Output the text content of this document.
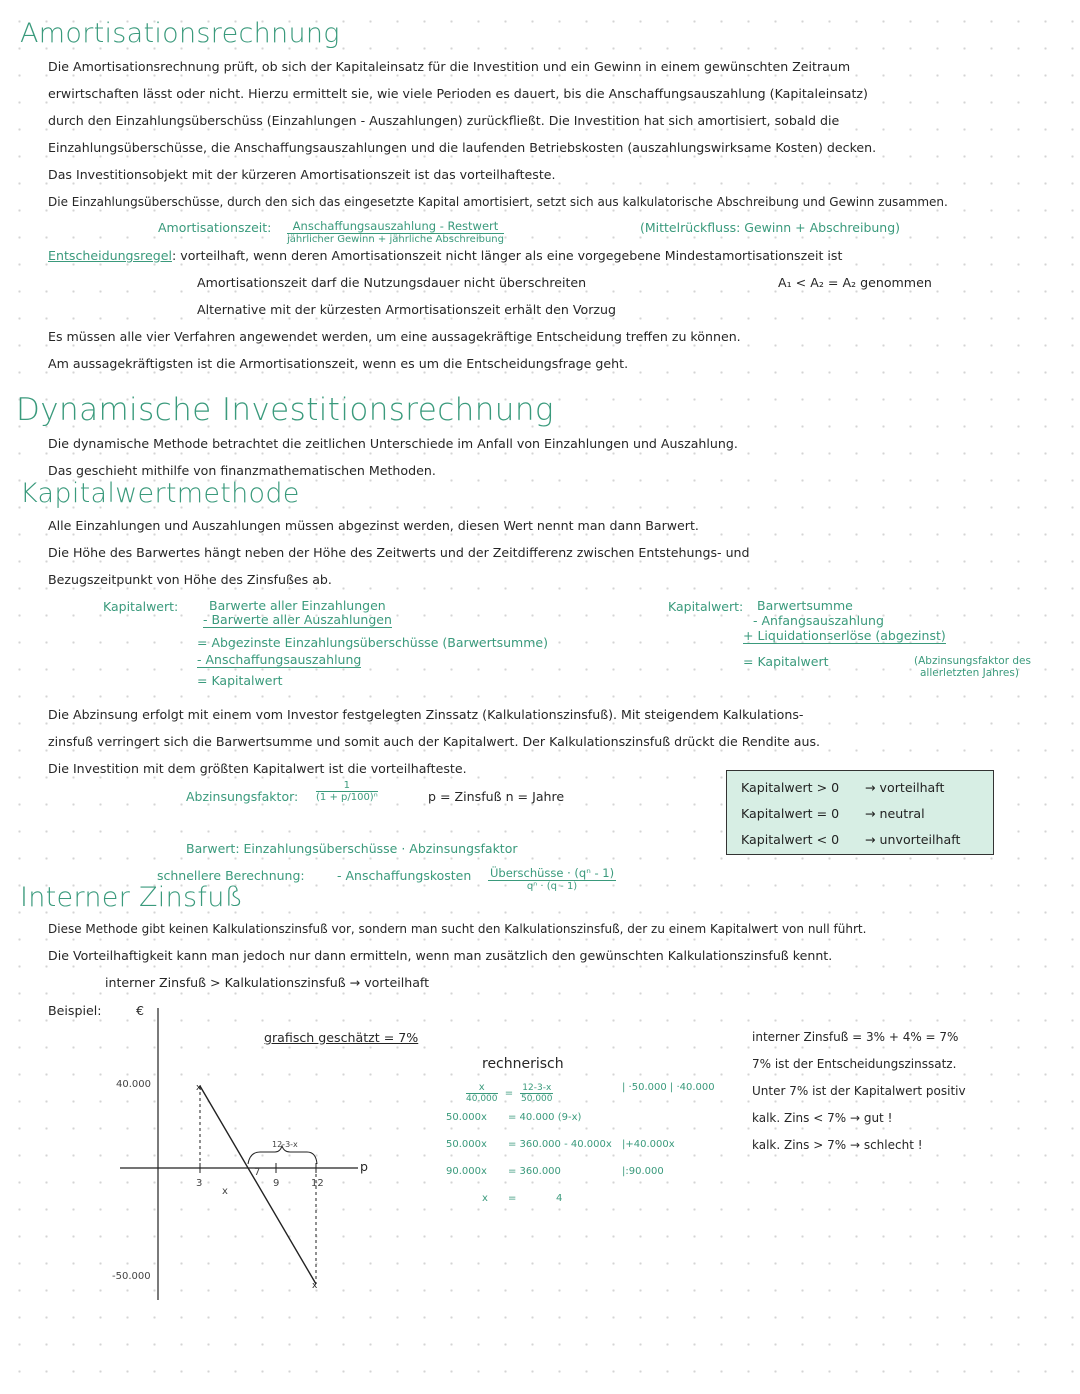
Amortisationsrechnung
Die Amortisationsrechnung prüft, ob sich der Kapitaleinsatz für die Investition und ein Gewinn in einem gewünschten Zeitraum
erwirtschaften lässt oder nicht. Hierzu ermittelt sie, wie viele Perioden es dauert, bis die Anschaffungsauszahlung (Kapitaleinsatz)
durch den Einzahlungsüberschüss (Einzahlungen - Auszahlungen) zurückfließt. Die Investition hat sich amortisiert, sobald die
Einzahlungsüberschüsse, die Anschaffungsauszahlungen und die laufenden Betriebskosten (auszahlungswirksame Kosten) decken.
Das Investitionsobjekt mit der kürzeren Amortisationszeit ist das vorteilhafteste.
Die Einzahlungsüberschüsse, durch den sich das eingesetzte Kapital amortisiert, setzt sich aus kalkulatorische Abschreibung und Gewinn zusammen.
Amortisationszeit: $\frac{\text{Anschaffungsauszahlung - Restwert}}{\text{jährlicher Gewinn + jährliche Abschreibung}}$	(Mittelrückfluss: Gewinn + Abschreibung)
Entscheidungsregel: vorteilhaft, wenn deren Amortisationszeit nicht länger als eine vorgegebene Mindestamortisationszeit ist
Amortisationszeit darf die Nutzungsdauer nicht überschreiten	A₁ < A₂ = A₂ genommen
Alternative mit der kürzesten Armortisationszeit erhält den Vorzug
Es müssen alle vier Verfahren angewendet werden, um eine aussagekräftige Entscheidung treffen zu können.
Am aussagekräftigsten ist die Armortisationszeit, wenn es um die Entscheidungsfrage geht.
Dynamische Investitionsrechnung
Die dynamische Methode betrachtet die zeitlichen Unterschiede im Anfall von Einzahlungen und Auszahlung.
Das geschieht mithilfe von finanzmathematischen Methoden.
Kapitalwertmethode
Alle Einzahlungen und Auszahlungen müssen abgezinst werden, diesen Wert nennt man dann Barwert.
Die Höhe des Barwertes hängt neben der Höhe des Zeitwerts und der Zeitdifferenz zwischen Entstehungs- und
Bezugszeitpunkt von Höhe des Zinsfußes ab.
Kapitalwert: Barwerte aller Einzahlungen
- Barwerte aller Auszahlungen
= Abgezinste Einzahlungsüberschüsse (Barwertsumme)
- Anschaffungsauszahlung
= Kapitalwert
Kapitalwert: Barwertsumme
- Anfangsauszahlung
+ Liquidationserlöse (abgezinst)
= Kapitalwert	(Abzinsungsfaktor des
allerletzten Jahres)
Die Abzinsung erfolgt mit einem vom Investor festgelegten Zinssatz (Kalkulationszinsfuß). Mit steigendem Kalkulations-
zinsfuß verringert sich die Barwertsumme und somit auch der Kapitalwert. Der Kalkulationszinsfuß drückt die Rendite aus.
Die Investition mit dem größten Kapitalwert ist die vorteilhafteste.
Abzinsungsfaktor: $\frac{1}{\text{(1 + p/100)ⁿ}}$	p = Zinsfuß n = Jahre
Kapitalwert > 0 → vorteilhaft
Kapitalwert = 0 → neutral
Kapitalwert < 0 → unvorteilhaft
Barwert: Einzahlungsüberschüsse · Abzinsungsfaktor
schnellere Berechnung:	- Anschaffungskosten $\frac{\text{Überschüsse · (qⁿ - 1)}}{\text{qⁿ · (q - 1)}}$
Interner Zinsfuß
Diese Methode gibt keinen Kalkulationszinsfuß vor, sondern man sucht den Kalkulationszinsfuß, der zu einem Kapitalwert von null führt.
Die Vorteilhaftigkeit kann man jedoch nur dann ermitteln, wenn man zusätzlich den gewünschten Kalkulationszinsfuß kennt.
interner Zinsfuß > Kalkulationszinsfuß → vorteilhaft
Beispiel:	€
x
x
40.000
-50.000
p
3
x
7
9	12
12-3-x
grafisch geschätzt = 7%
rechnerisch
$\frac{x}{40.000} = \frac{12-3-x}{50.000}$	| ·50.000 | ·40.000
50.000x = 40.000 (9-x)
50.000x = 360.000 - 40.000x |+40.000x
90.000x = 360.000	|:90.000
x =	4
interner Zinsfuß = 3% + 4% = 7%
7% ist der Entscheidungszinssatz.
Unter 7% ist der Kapitalwert positiv
kalk. Zins < 7% → gut !
kalk. Zins > 7% → schlecht !
